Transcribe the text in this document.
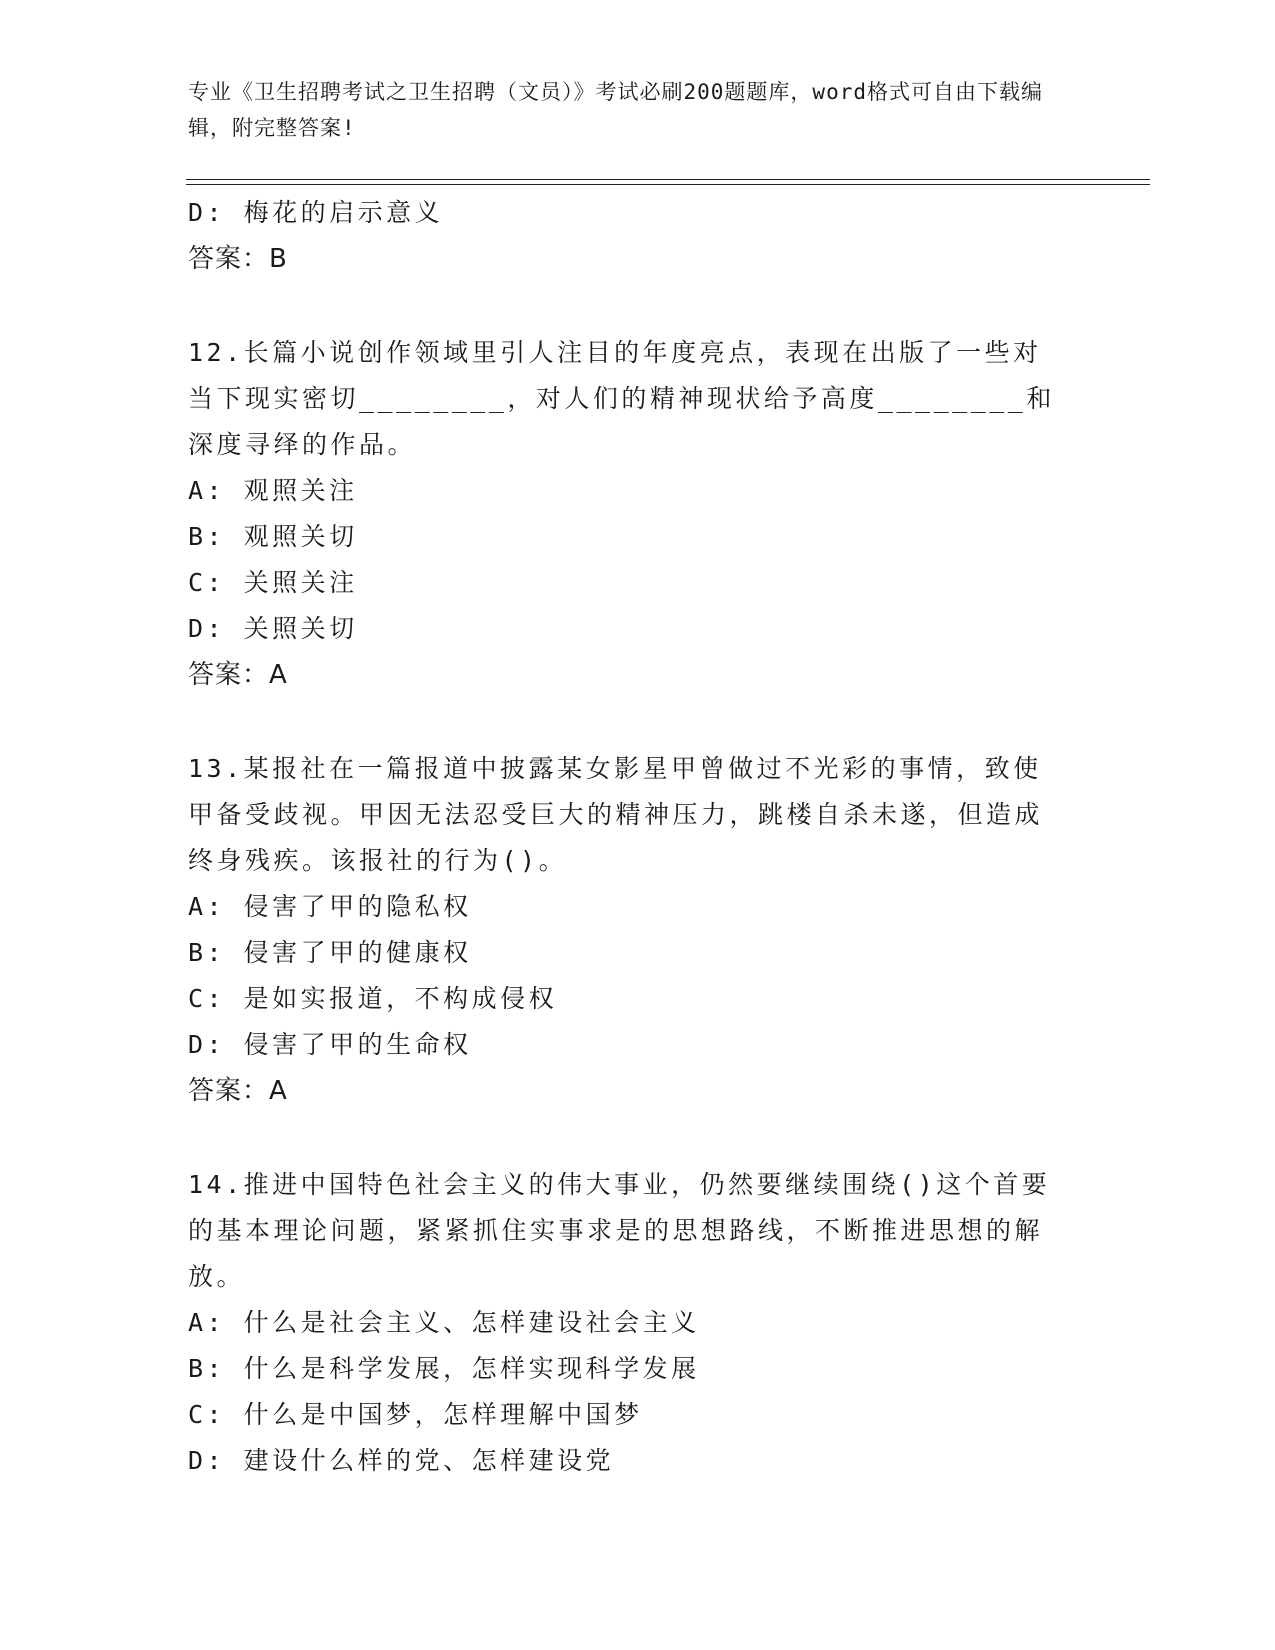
专业《卫生招聘考试之卫生招聘（文员）》考试必刷200题题库，word格式可自由下载编辑，附完整答案!
D: 梅花的启示意义
答案：B
12.长篇小说创作领域里引人注目的年度亮点，表现在出版了一些对当下现实密切________，对人们的精神现状给予高度________和深度寻绎的作品。
A: 观照关注
B: 观照关切
C: 关照关注
D: 关照关切
答案：A
13.某报社在一篇报道中披露某女影星甲曾做过不光彩的事情，致使甲备受歧视。甲因无法忍受巨大的精神压力，跳楼自杀未遂，但造成终身残疾。该报社的行为()。
A: 侵害了甲的隐私权
B: 侵害了甲的健康权
C: 是如实报道，不构成侵权
D: 侵害了甲的生命权
答案：A
14.推进中国特色社会主义的伟大事业，仍然要继续围绕()这个首要的基本理论问题，紧紧抓住实事求是的思想路线，不断推进思想的解放。
A: 什么是社会主义、怎样建设社会主义
B: 什么是科学发展，怎样实现科学发展
C: 什么是中国梦，怎样理解中国梦
D: 建设什么样的党、怎样建设党
